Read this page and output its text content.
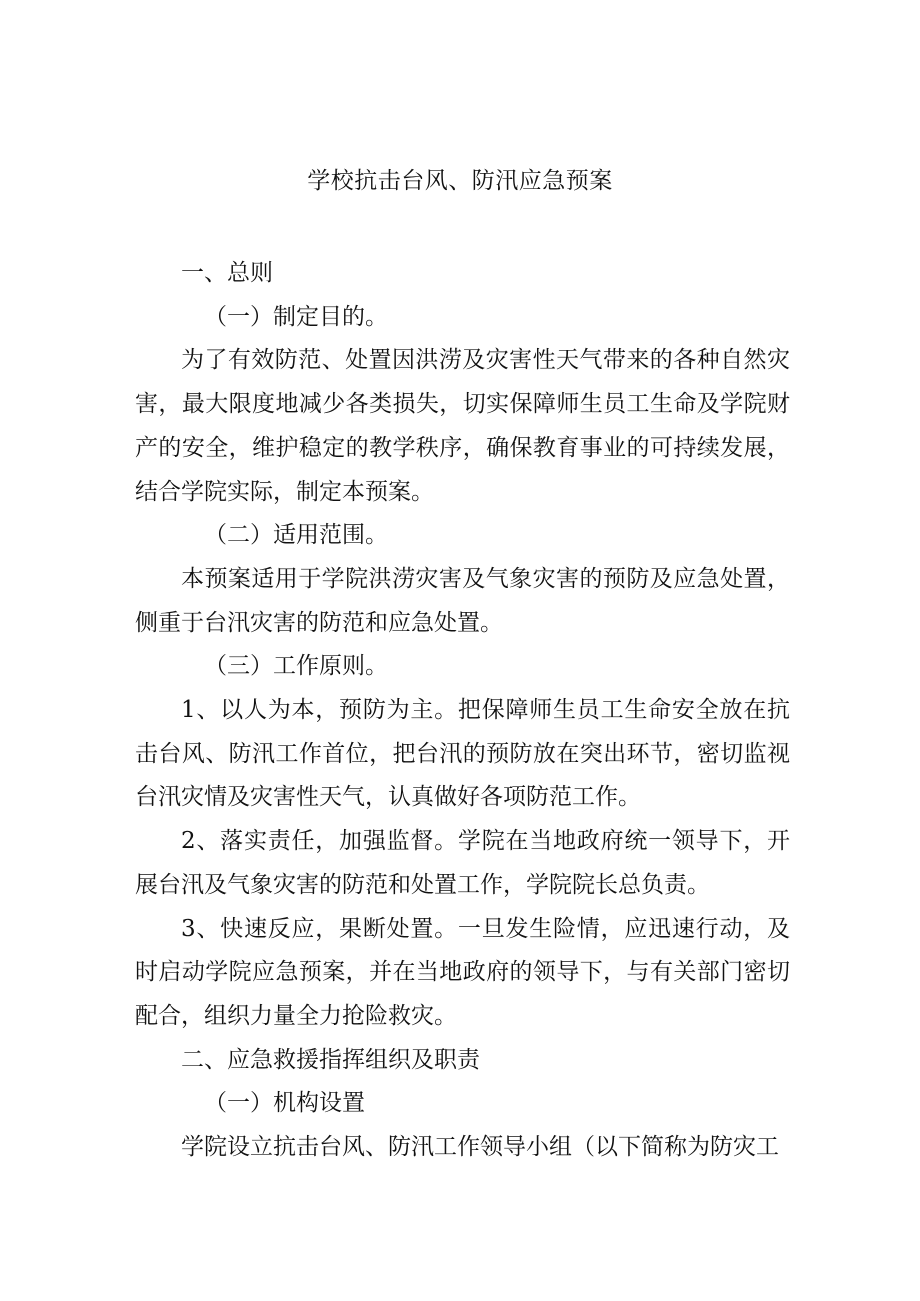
学校抗击台风、防汛应急预案

一、总则

（一）制定目的。

为了有效防范、处置因洪涝及灾害性天气带来的各种自然灾害，最大限度地减少各类损失，切实保障师生员工生命及学院财产的安全，维护稳定的教学秩序，确保教育事业的可持续发展，结合学院实际，制定本预案。

（二）适用范围。

本预案适用于学院洪涝灾害及气象灾害的预防及应急处置，侧重于台汛灾害的防范和应急处置。

（三）工作原则。

1、以人为本，预防为主。把保障师生员工生命安全放在抗击台风、防汛工作首位，把台汛的预防放在突出环节，密切监视台汛灾情及灾害性天气，认真做好各项防范工作。

2、落实责任，加强监督。学院在当地政府统一领导下，开展台汛及气象灾害的防范和处置工作，学院院长总负责。

3、快速反应，果断处置。一旦发生险情，应迅速行动，及时启动学院应急预案，并在当地政府的领导下，与有关部门密切配合，组织力量全力抢险救灾。

二、应急救援指挥组织及职责

（一）机构设置

学院设立抗击台风、防汛工作领导小组（以下简称为防灾工
